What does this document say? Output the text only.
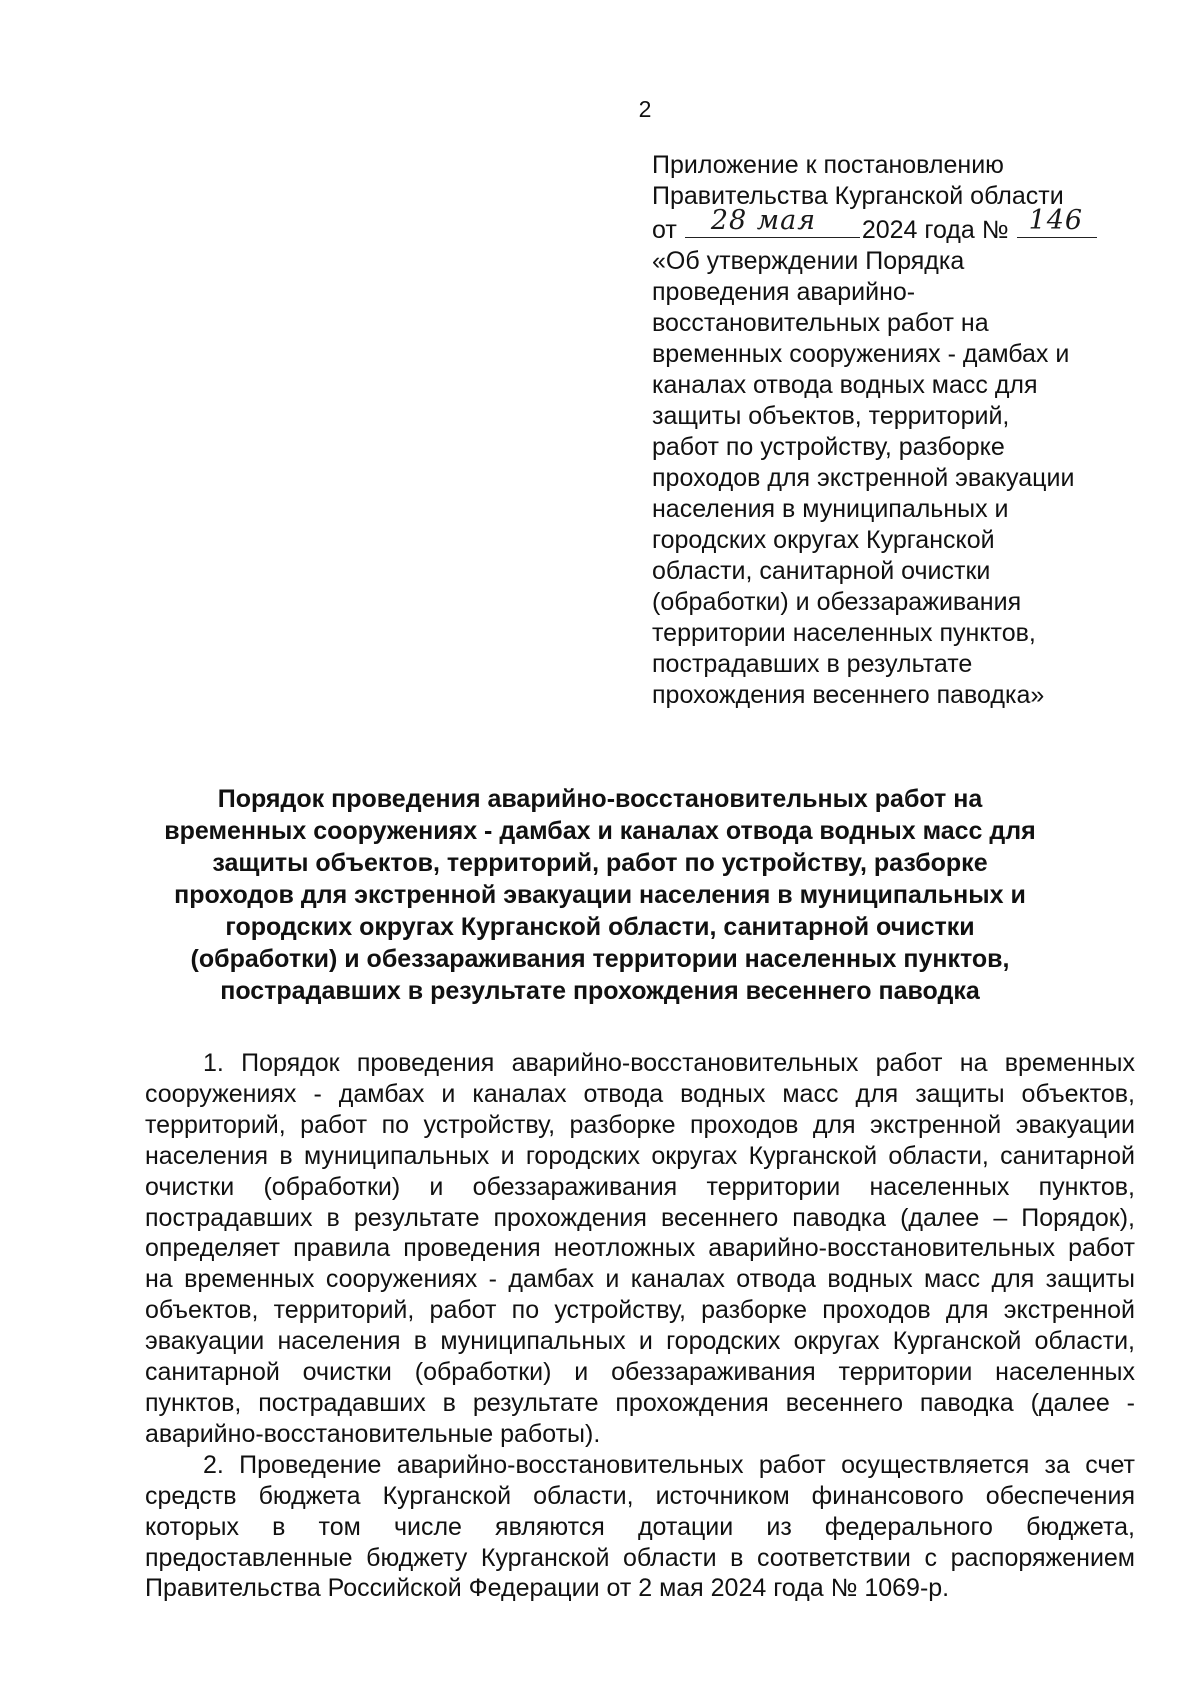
2
Приложение к постановлению
Правительства Курганской области
от 28 мая 2024 года № 146
«Об утверждении Порядка
проведения аварийно-
восстановительных работ на
временных сооружениях - дамбах и
каналах отвода водных масс для
защиты объектов, территорий,
работ по устройству, разборке
проходов для экстренной эвакуации
населения в муниципальных и
городских округах Курганской
области, санитарной очистки
(обработки) и обеззараживания
территории населенных пунктов,
пострадавших в результате
прохождения весеннего паводка»
Порядок проведения аварийно-восстановительных работ на временных сооружениях - дамбах и каналах отвода водных масс для защиты объектов, территорий, работ по устройству, разборке проходов для экстренной эвакуации населения в муниципальных и городских округах Курганской области, санитарной очистки (обработки) и обеззараживания территории населенных пунктов, пострадавших в результате прохождения весеннего паводка

1. Порядок проведения аварийно-восстановительных работ на временных сооружениях - дамбах и каналах отвода водных масс для защиты объектов, территорий, работ по устройству, разборке проходов для экстренной эвакуации населения в муниципальных и городских округах Курганской области, санитарной очистки (обработки) и обеззараживания территории населенных пунктов, пострадавших в результате прохождения весеннего паводка (далее – Порядок), определяет правила проведения неотложных аварийно-восстановительных работ на временных сооружениях - дамбах и каналах отвода водных масс для защиты объектов, территорий, работ по устройству, разборке проходов для экстренной эвакуации населения в муниципальных и городских округах Курганской области, санитарной очистки (обработки) и обеззараживания территории населенных пунктов, пострадавших в результате прохождения весеннего паводка (далее - аварийно-восстановительные работы).

2. Проведение аварийно-восстановительных работ осуществляется за счет средств бюджета Курганской области, источником финансового обеспечения которых в том числе являются дотации из федерального бюджета, предоставленные бюджету Курганской области в соответствии с распоряжением Правительства Российской Федерации от 2 мая 2024 года № 1069-р.
